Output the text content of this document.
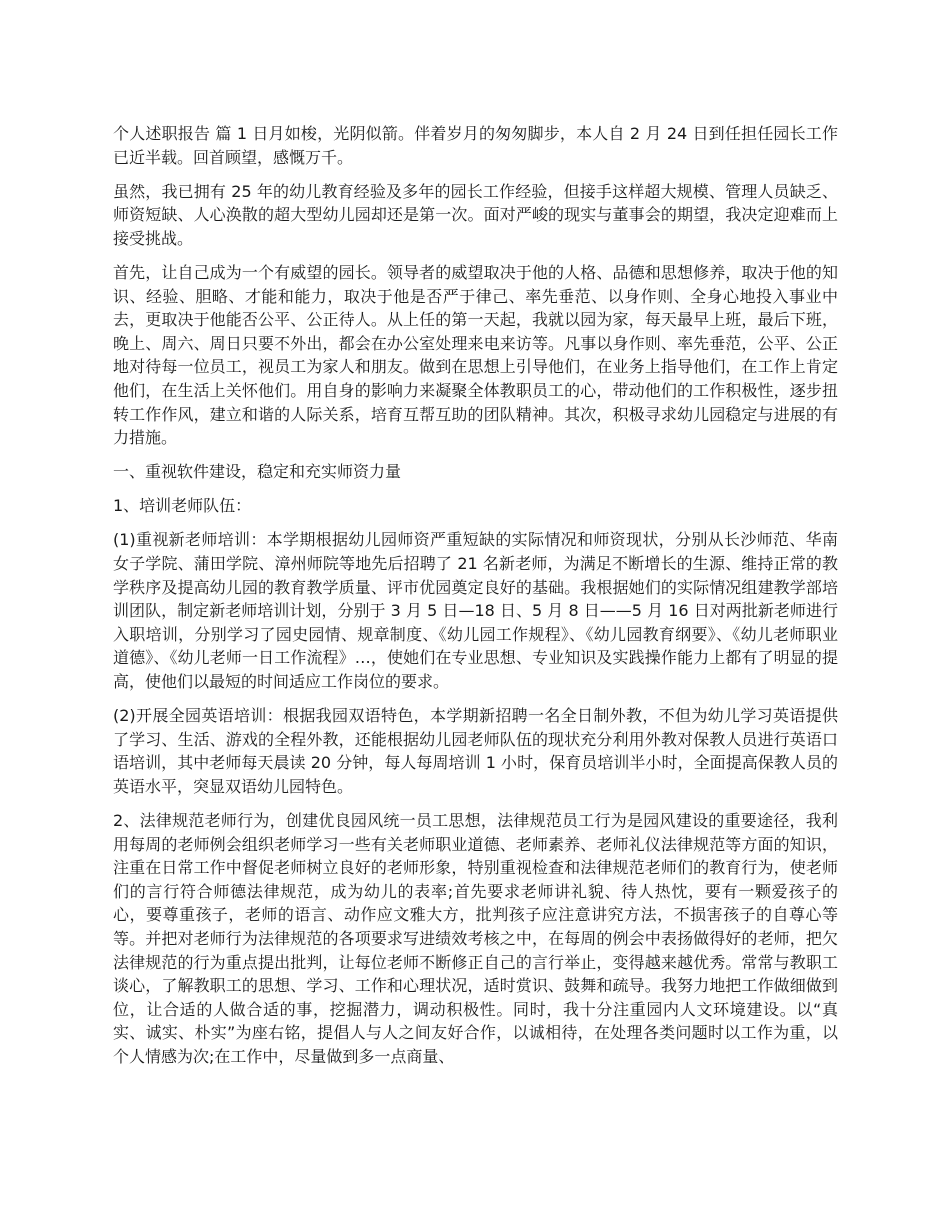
个人述职报告 篇 1 日月如梭，光阴似箭。伴着岁月的匆匆脚步，本人自 2 月 24 日到任担任园长工作已近半载。回首顾望，感慨万千。

虽然，我已拥有 25 年的幼儿教育经验及多年的园长工作经验，但接手这样超大规模、管理人员缺乏、师资短缺、人心涣散的超大型幼儿园却还是第一次。面对严峻的现实与董事会的期望，我决定迎难而上接受挑战。

首先，让自己成为一个有威望的园长。领导者的威望取决于他的人格、品德和思想修养，取决于他的知识、经验、胆略、才能和能力，取决于他是否严于律己、率先垂范、以身作则、全身心地投入事业中去，更取决于他能否公平、公正待人。从上任的第一天起，我就以园为家，每天最早上班，最后下班，晚上、周六、周日只要不外出，都会在办公室处理来电来访等。凡事以身作则、率先垂范，公平、公正地对待每一位员工，视员工为家人和朋友。做到在思想上引导他们，在业务上指导他们，在工作上肯定他们，在生活上关怀他们。用自身的影响力来凝聚全体教职员工的心，带动他们的工作积极性，逐步扭转工作作风，建立和谐的人际关系，培育互帮互助的团队精神。其次，积极寻求幼儿园稳定与进展的有力措施。

一、重视软件建设，稳定和充实师资力量

1、培训老师队伍：

(1)重视新老师培训：本学期根据幼儿园师资严重短缺的实际情况和师资现状，分别从长沙师范、华南女子学院、蒲田学院、漳州师院等地先后招聘了 21 名新老师，为满足不断增长的生源、维持正常的教学秩序及提高幼儿园的教育教学质量、评市优园奠定良好的基础。我根据她们的实际情况组建教学部培训团队，制定新老师培训计划，分别于 3 月 5 日—18 日、5 月 8 日——5 月 16 日对两批新老师进行入职培训，分别学习了园史园情、规章制度、《幼儿园工作规程》、《幼儿园教育纲要》、《幼儿老师职业道德》、《幼儿老师一日工作流程》…，使她们在专业思想、专业知识及实践操作能力上都有了明显的提高，使他们以最短的时间适应工作岗位的要求。

(2)开展全园英语培训：根据我园双语特色，本学期新招聘一名全日制外教，不但为幼儿学习英语提供了学习、生活、游戏的全程外教，还能根据幼儿园老师队伍的现状充分利用外教对保教人员进行英语口语培训，其中老师每天晨读 20 分钟，每人每周培训 1 小时，保育员培训半小时，全面提高保教人员的英语水平，突显双语幼儿园特色。

2、法律规范老师行为，创建优良园风统一员工思想，法律规范员工行为是园风建设的重要途径，我利用每周的老师例会组织老师学习一些有关老师职业道德、老师素养、老师礼仪法律规范等方面的知识，注重在日常工作中督促老师树立良好的老师形象，特别重视检查和法律规范老师们的教育行为，使老师们的言行符合师德法律规范，成为幼儿的表率;首先要求老师讲礼貌、待人热忱，要有一颗爱孩子的心，要尊重孩子，老师的语言、动作应文雅大方，批判孩子应注意讲究方法，不损害孩子的自尊心等等。并把对老师行为法律规范的各项要求写进绩效考核之中，在每周的例会中表扬做得好的老师，把欠法律规范的行为重点提出批判，让每位老师不断修正自己的言行举止，变得越来越优秀。常常与教职工谈心，了解教职工的思想、学习、工作和心理状况，适时赏识、鼓舞和疏导。我努力地把工作做细做到位，让合适的人做合适的事，挖掘潜力，调动积极性。同时，我十分注重园内人文环境建设。以“真实、诚实、朴实”为座右铭，提倡人与人之间友好合作，以诚相待，在处理各类问题时以工作为重，以个人情感为次;在工作中，尽量做到多一点商量、
